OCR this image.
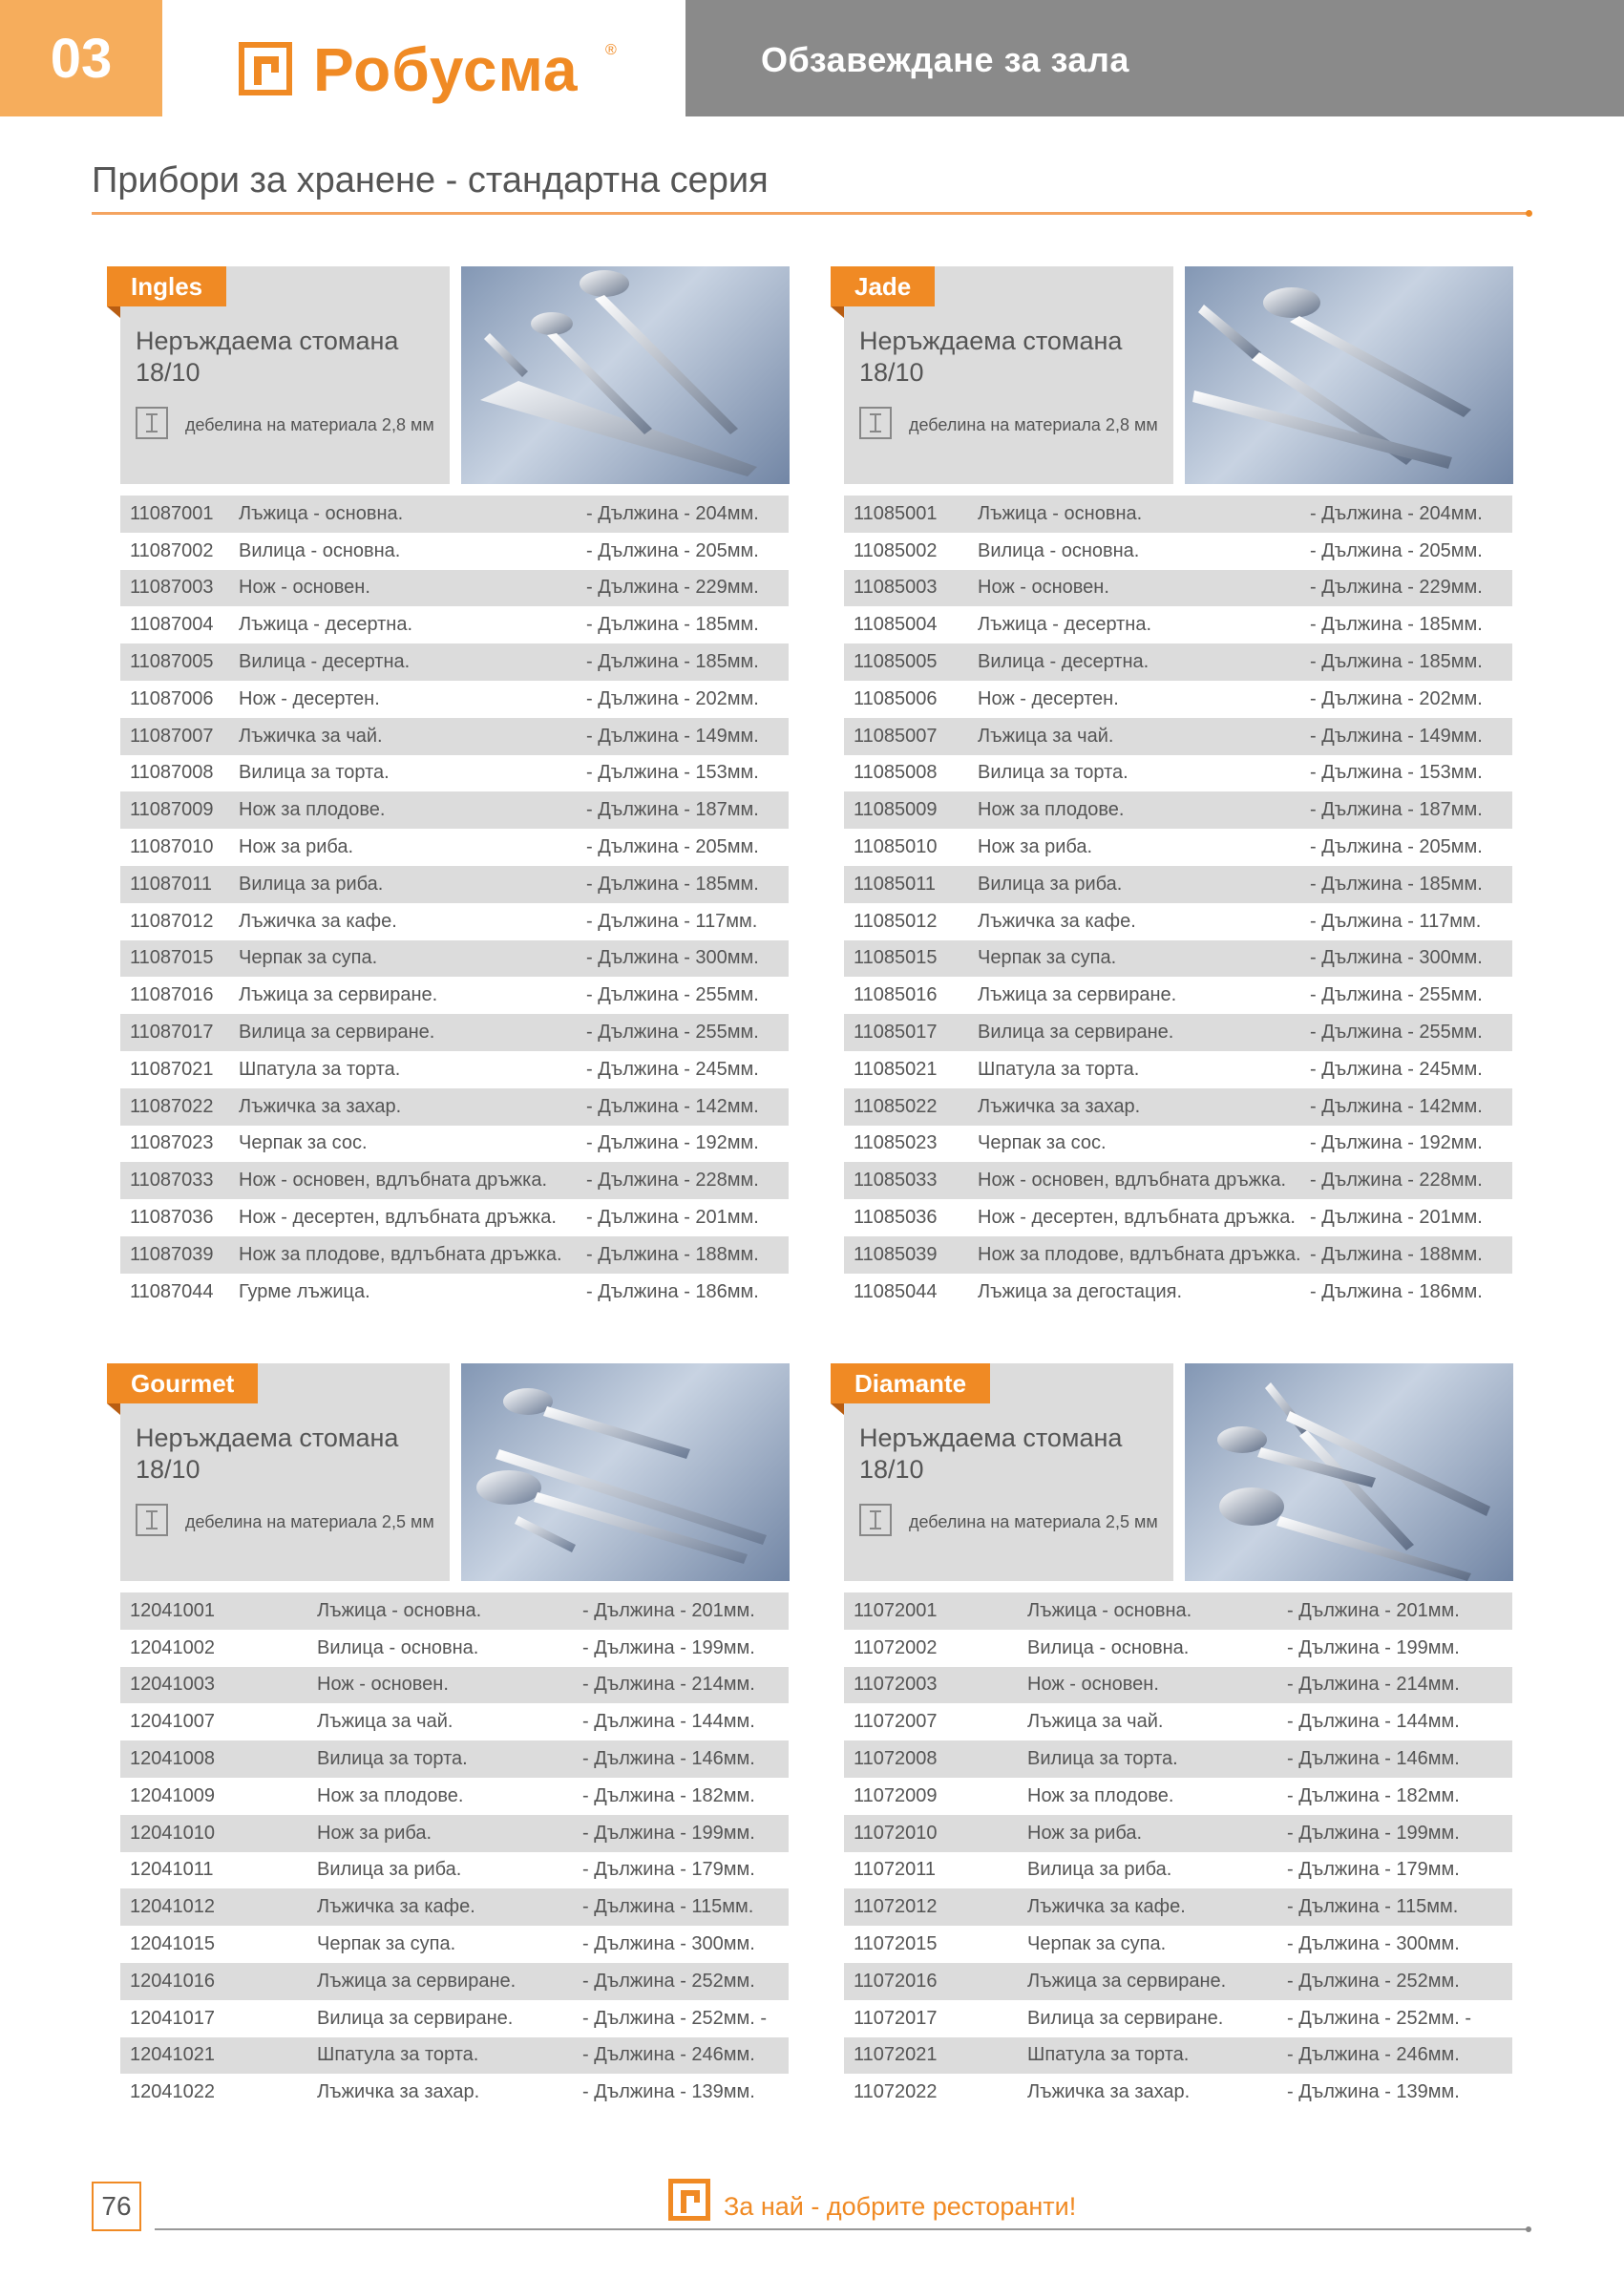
03	Робусма ®	Обзавеждане за зала
Прибори за хранене - стандартна серия
Ingles
Неръждаема стомана 18/10
дебелина на материала 2,8 мм
11087001 Лъжица - основна.	- Дължина - 204мм.
11087002 Вилица - основна.	- Дължина - 205мм.
11087003 Нож - основен.	- Дължина - 229мм.
11087004 Лъжица - десертна.	- Дължина - 185мм.
11087005 Вилица - десертна.	- Дължина - 185мм.
11087006 Нож - десертен.	- Дължина - 202мм.
11087007 Лъжичка за чай.	- Дължина - 149мм.
11087008 Вилица за торта.	- Дължина - 153мм.
11087009 Нож за плодове.	- Дължина - 187мм.
11087010 Нож за риба.	- Дължина - 205мм.
11087011 Вилица за риба.	- Дължина - 185мм.
11087012 Лъжичка за кафе.	- Дължина - 117мм.
11087015 Черпак за супа.	- Дължина - 300мм.
11087016 Лъжица за сервиране.	- Дължина - 255мм.
11087017 Вилица за сервиране.	- Дължина - 255мм.
11087021 Шпатула за торта.	- Дължина - 245мм.
11087022 Лъжичка за захар.	- Дължина - 142мм.
11087023 Черпак за сос.	- Дължина - 192мм.
11087033 Нож - основен, вдлъбната дръжка. - Дължина - 228мм.
11087036 Нож - десертен, вдлъбната дръжка. - Дължина - 201мм.
11087039 Нож за плодове, вдлъбната дръжка. - Дължина - 188мм.
11087044 Гурме лъжица.	- Дължина - 186мм.
Jade
Неръждаема стомана 18/10
дебелина на материала 2,8 мм
11085001 Лъжица - основна.	- Дължина - 204мм.
11085002 Вилица - основна.	- Дължина - 205мм.
11085003 Нож - основен.	- Дължина - 229мм.
11085004 Лъжица - десертна.	- Дължина - 185мм.
11085005 Вилица - десертна.	- Дължина - 185мм.
11085006 Нож - десертен.	- Дължина - 202мм.
11085007 Лъжица за чай.	- Дължина - 149мм.
11085008 Вилица за торта.	- Дължина - 153мм.
11085009 Нож за плодове.	- Дължина - 187мм.
11085010 Нож за риба.	- Дължина - 205мм.
11085011 Вилица за риба.	- Дължина - 185мм.
11085012 Лъжичка за кафе.	- Дължина - 117мм.
11085015 Черпак за супа.	- Дължина - 300мм.
11085016 Лъжица за сервиране.	- Дължина - 255мм.
11085017 Вилица за сервиране.	- Дължина - 255мм.
11085021 Шпатула за торта.	- Дължина - 245мм.
11085022 Лъжичка за захар.	- Дължина - 142мм.
11085023 Черпак за сос.	- Дължина - 192мм.
11085033 Нож - основен, вдлъбната дръжка. - Дължина - 228мм.
11085036 Нож - десертен, вдлъбната дръжка. - Дължина - 201мм.
11085039 Нож за плодове, вдлъбната дръжка. - Дължина - 188мм.
11085044 Лъжица за дегостация.	- Дължина - 186мм.
Gourmet
Неръждаема стомана 18/10
дебелина на материала 2,5 мм
12041001	Лъжица - основна.	- Дължина - 201мм.
12041002	Вилица - основна.	- Дължина - 199мм.
12041003	Нож - основен.	- Дължина - 214мм.
12041007	Лъжица за чай.	- Дължина - 144мм.
12041008	Вилица за торта.	- Дължина - 146мм.
12041009	Нож за плодове.	- Дължина - 182мм.
12041010	Нож за риба.	- Дължина - 199мм.
12041011	Вилица за риба.	- Дължина - 179мм.
12041012	Лъжичка за кафе.	- Дължина - 115мм.
12041015	Черпак за супа.	- Дължина - 300мм.
12041016	Лъжица за сервиране.	- Дължина - 252мм.
12041017	Вилица за сервиране.	- Дължина - 252мм. -
12041021	Шпатула за торта.	- Дължина - 246мм.
12041022	Лъжичка за захар.	- Дължина - 139мм.
Diamante
Неръждаема стомана 18/10
дебелина на материала 2,5 мм
11072001	Лъжица - основна.	- Дължина - 201мм.
11072002	Вилица - основна.	- Дължина - 199мм.
11072003	Нож - основен.	- Дължина - 214мм.
11072007	Лъжица за чай.	- Дължина - 144мм.
11072008	Вилица за торта.	- Дължина - 146мм.
11072009	Нож за плодове.	- Дължина - 182мм.
11072010	Нож за риба.	- Дължина - 199мм.
11072011	Вилица за риба.	- Дължина - 179мм.
11072012	Лъжичка за кафе.	- Дължина - 115мм.
11072015	Черпак за супа.	- Дължина - 300мм.
11072016	Лъжица за сервиране.	- Дължина - 252мм.
11072017	Вилица за сервиране.	- Дължина - 252мм. -
11072021	Шпатула за торта.	- Дължина - 246мм.
11072022	Лъжичка за захар.	- Дължина - 139мм.
76	За най - добрите ресторанти!
